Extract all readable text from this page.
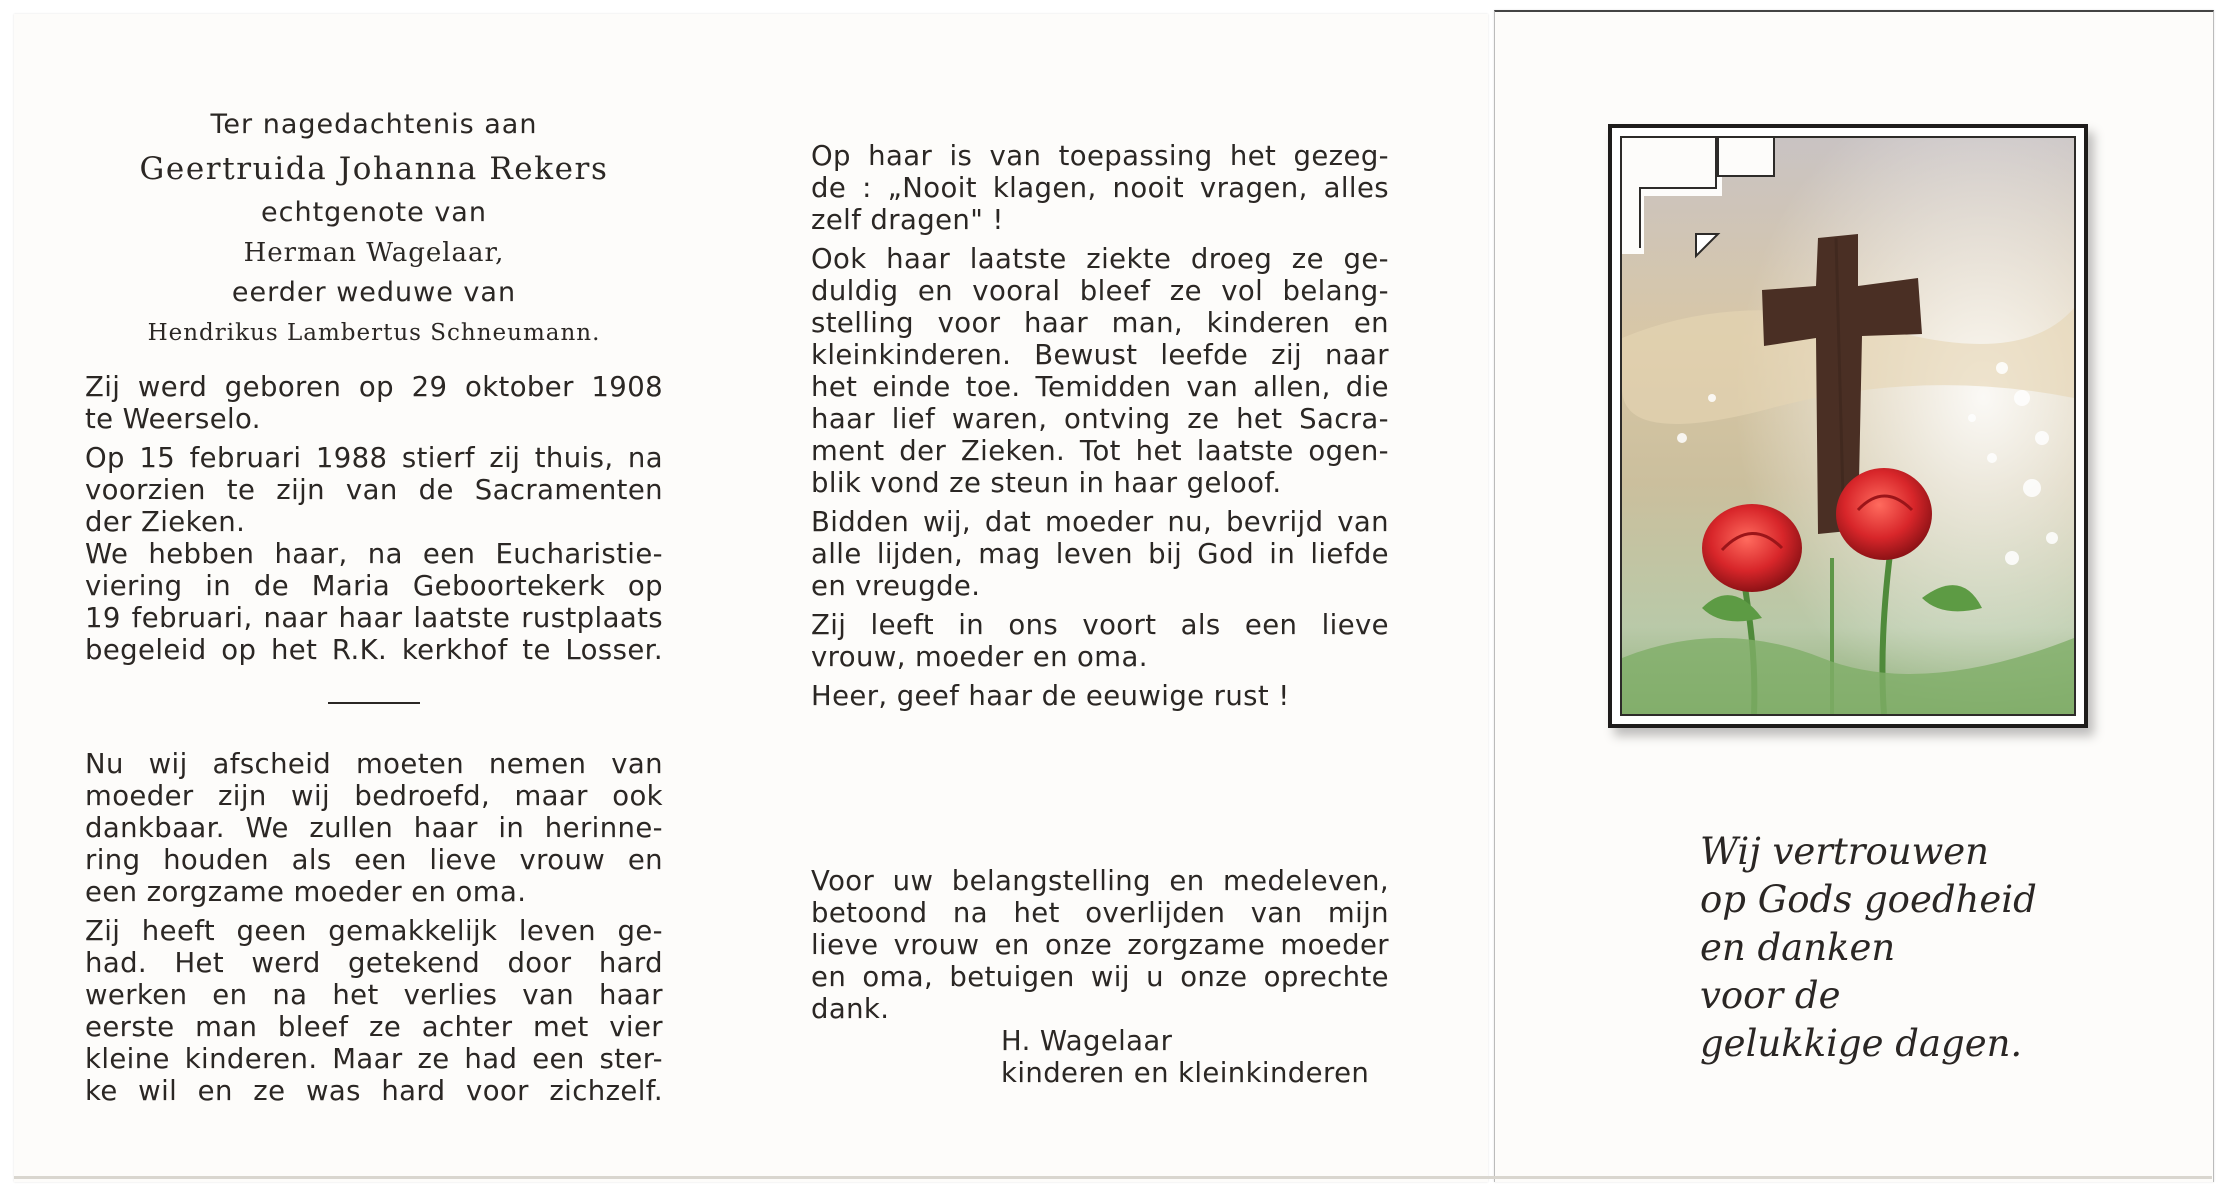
Ter nagedachtenis aan
Geertruida Johanna Rekers
echtgenote van
Herman Wagelaar,
eerder weduwe van
Hendrikus Lambertus Schneumann.

Zij werd geboren op 29 oktober 1908
te Weerselo.

Op 15 februari 1988 stierf zij thuis, na
voorzien te zijn van de Sacramenten
der Zieken.
We hebben haar, na een Eucharistie-
viering in de Maria Geboortekerk op
19 februari, naar haar laatste rustplaats
begeleid op het R.K. kerkhof te Losser.

Nu wij afscheid moeten nemen van
moeder zijn wij bedroefd, maar ook
dankbaar. We zullen haar in herinne-
ring houden als een lieve vrouw en
een zorgzame moeder en oma.

Zij heeft geen gemakkelijk leven ge-
had. Het werd getekend door hard
werken en na het verlies van haar
eerste man bleef ze achter met vier
kleine kinderen. Maar ze had een ster-
ke wil en ze was hard voor zichzelf.

Op haar is van toepassing het gezeg-
de : „Nooit klagen, nooit vragen, alles
zelf dragen" !

Ook haar laatste ziekte droeg ze ge-
duldig en vooral bleef ze vol belang-
stelling voor haar man, kinderen en
kleinkinderen. Bewust leefde zij naar
het einde toe. Temidden van allen, die
haar lief waren, ontving ze het Sacra-
ment der Zieken. Tot het laatste ogen-
blik vond ze steun in haar geloof.

Bidden wij, dat moeder nu, bevrijd van
alle lijden, mag leven bij God in liefde
en vreugde.

Zij leeft in ons voort als een lieve
vrouw, moeder en oma.

Heer, geef haar de eeuwige rust !

Voor uw belangstelling en medeleven,
betoond na het overlijden van mijn
lieve vrouw en onze zorgzame moeder
en oma, betuigen wij u onze oprechte
dank.

H. Wagelaar
kinderen en kleinkinderen
Wij vertrouwen
op Gods goedheid
en danken
voor de
gelukkige dagen.
